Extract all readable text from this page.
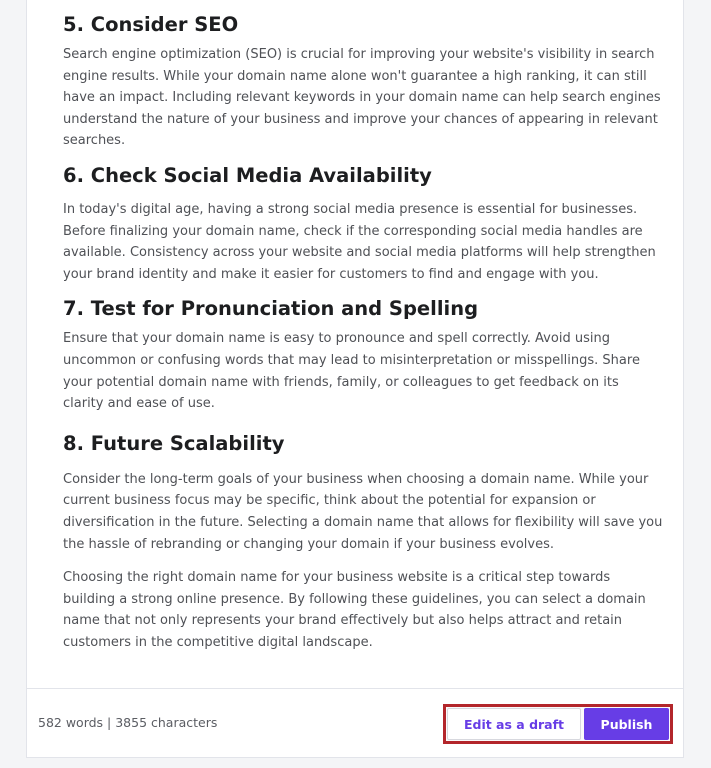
5. Consider SEO

Search engine optimization (SEO) is crucial for improving your website's visibility in search engine results. While your domain name alone won't guarantee a high ranking, it can still have an impact. Including relevant keywords in your domain name can help search engines understand the nature of your business and improve your chances of appearing in relevant searches.

6. Check Social Media Availability

In today's digital age, having a strong social media presence is essential for businesses. Before finalizing your domain name, check if the corresponding social media handles are available. Consistency across your website and social media platforms will help strengthen your brand identity and make it easier for customers to find and engage with you.

7. Test for Pronunciation and Spelling

Ensure that your domain name is easy to pronounce and spell correctly. Avoid using uncommon or confusing words that may lead to misinterpretation or misspellings. Share your potential domain name with friends, family, or colleagues to get feedback on its clarity and ease of use.

8. Future Scalability

Consider the long-term goals of your business when choosing a domain name. While your current business focus may be specific, think about the potential for expansion or diversification in the future. Selecting a domain name that allows for flexibility will save you the hassle of rebranding or changing your domain if your business evolves.

Choosing the right domain name for your business website is a critical step towards building a strong online presence. By following these guidelines, you can select a domain name that not only represents your brand effectively but also helps attract and retain customers in the competitive digital landscape.

582 words | 3855 characters	Edit as a draft	Publish
